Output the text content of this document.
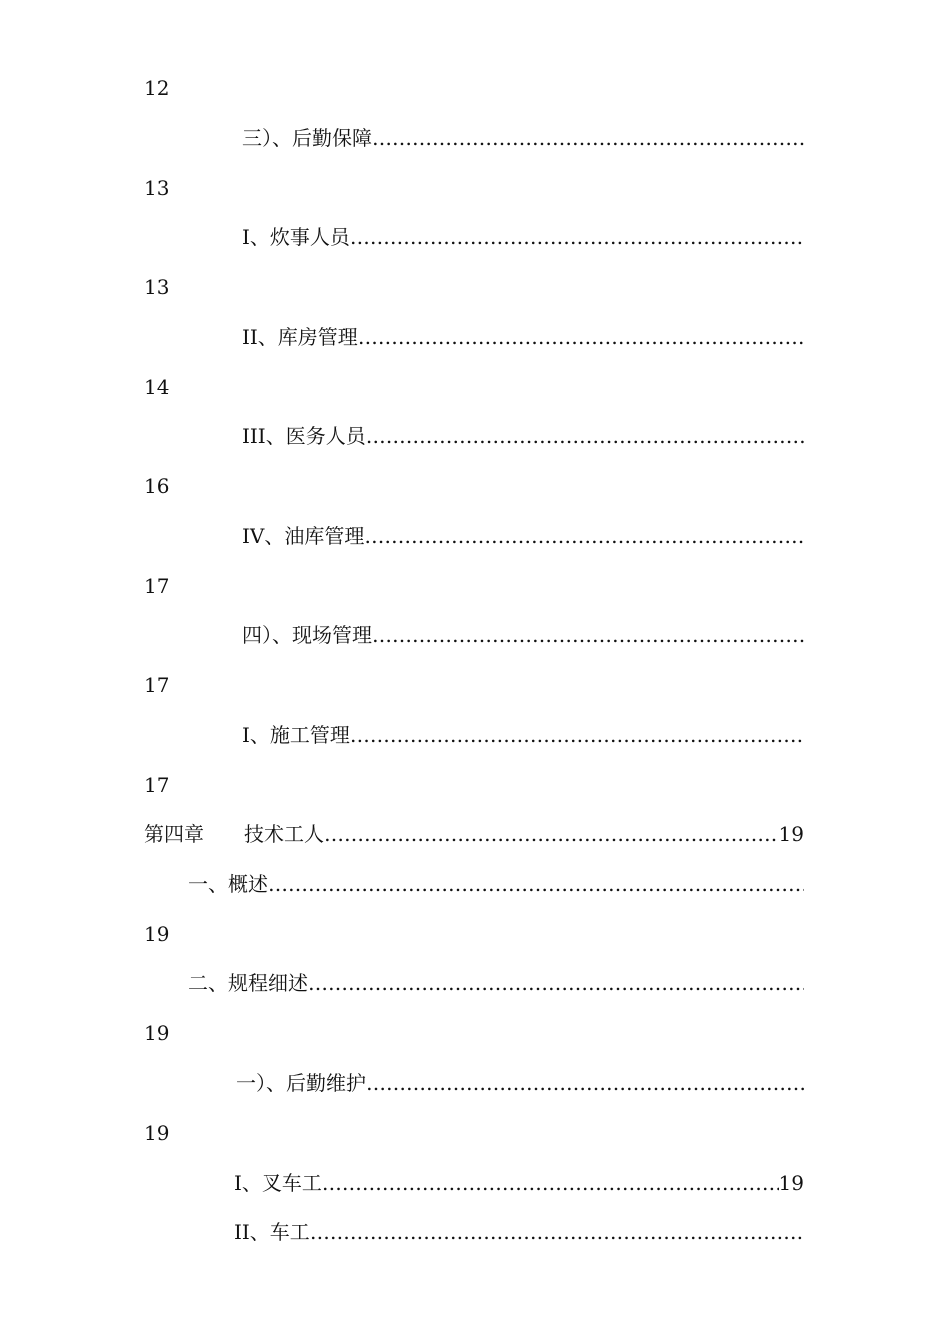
12
三）、后勤保障
……………………………………………………………………………………………………………………………………………………………………
13
I、炊事人员
……………………………………………………………………………………………………………………………………………………………………
13
II、库房管理
……………………………………………………………………………………………………………………………………………………………………
14
III、医务人员
……………………………………………………………………………………………………………………………………………………………………
16
IV、油库管理
……………………………………………………………………………………………………………………………………………………………………
17
四）、现场管理
……………………………………………………………………………………………………………………………………………………………………
17
I、施工管理
……………………………………………………………………………………………………………………………………………………………………
17
第四章 技术工人 ……………………………………………………………………………………………………………………………………………………………………	19
一、概述
……………………………………………………………………………………………………………………………………………………………………
19
二、规程细述
……………………………………………………………………………………………………………………………………………………………………
19
一）、后勤维护
……………………………………………………………………………………………………………………………………………………………………
19
I、叉车工 ……………………………………………………………………………………………………………………………………………………………………	19
II、车工
……………………………………………………………………………………………………………………………………………………………………
